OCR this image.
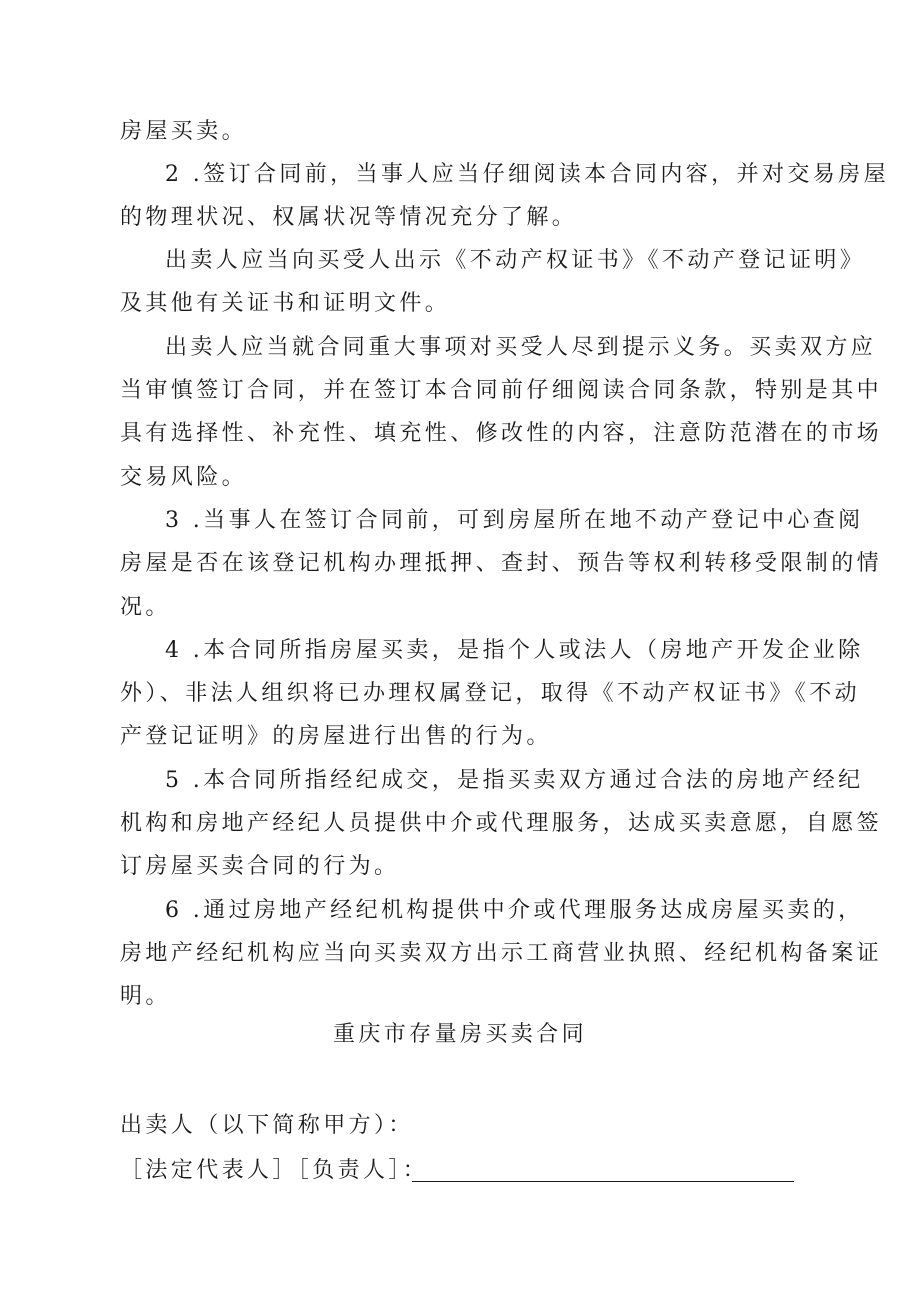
房屋买卖。
2 .签订合同前，当事人应当仔细阅读本合同内容，并对交易房屋
的物理状况、权属状况等情况充分了解。
出卖人应当向买受人出示《不动产权证书》《不动产登记证明》
及其他有关证书和证明文件。
出卖人应当就合同重大事项对买受人尽到提示义务。买卖双方应
当审慎签订合同，并在签订本合同前仔细阅读合同条款，特别是其中
具有选择性、补充性、填充性、修改性的内容，注意防范潜在的市场
交易风险。
3 .当事人在签订合同前，可到房屋所在地不动产登记中心查阅
房屋是否在该登记机构办理抵押、查封、预告等权利转移受限制的情
况。
4 .本合同所指房屋买卖，是指个人或法人（房地产开发企业除
外）、非法人组织将已办理权属登记，取得《不动产权证书》《不动
产登记证明》的房屋进行出售的行为。
5 .本合同所指经纪成交，是指买卖双方通过合法的房地产经纪
机构和房地产经纪人员提供中介或代理服务，达成买卖意愿，自愿签
订房屋买卖合同的行为。
6 .通过房地产经纪机构提供中介或代理服务达成房屋买卖的，
房地产经纪机构应当向买卖双方出示工商营业执照、经纪机构备案证
明。
重庆市存量房买卖合同
出卖人（以下简称甲方）：
［法定代表人］［负责人］：
